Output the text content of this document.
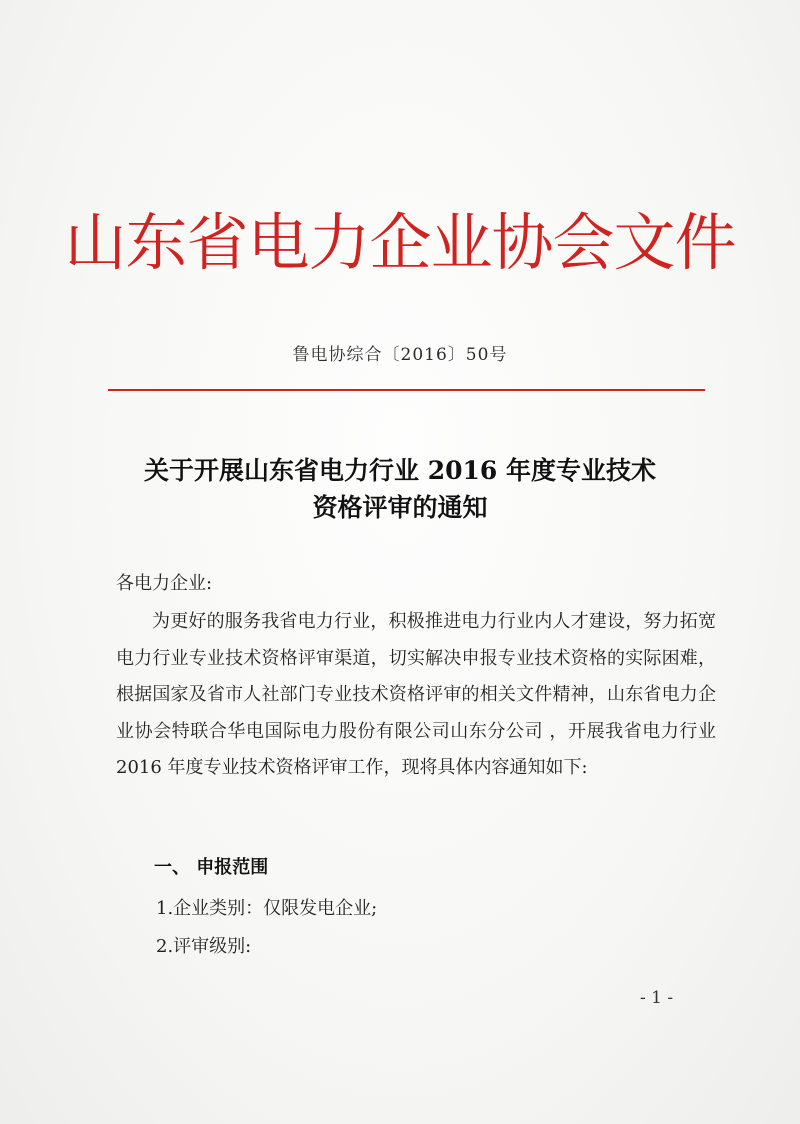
山东省电力企业协会文件
鲁电协综合〔2016〕50号
关于开展山东省电力行业 2016 年度专业技术
资格评审的通知
各电力企业:
为更好的服务我省电力行业，积极推进电力行业内人才建设，努力拓宽电力行业专业技术资格评审渠道，切实解决申报专业技术资格的实际困难，根据国家及省市人社部门专业技术资格评审的相关文件精神，山东省电力企业协会特联合华电国际电力股份有限公司山东分公司 ，开展我省电力行业 2016 年度专业技术资格评审工作，现将具体内容通知如下:
一、 申报范围
1.企业类别：仅限发电企业;
2.评审级别:
- 1 -
